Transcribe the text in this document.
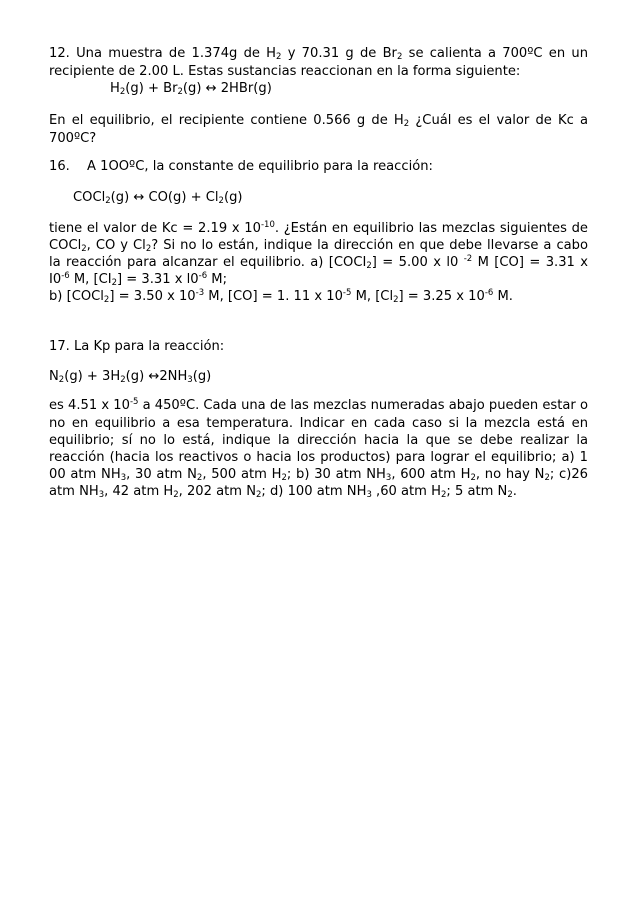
12. Una muestra de 1.374g de $H_2$ y 70.31 g de $Br_2$ se calienta a 700ºC en un
recipiente de 2.00 L. Estas sustancias reaccionan en la forma siguiente:
$H_2(g) + Br_2(g)$ ↔ 2HBr(g)
En el equilibrio, el recipiente contiene 0.566 g de $H_2$ ¿Cuál es el valor de Kc a
700ºC?
16. A 1OOºC, la constante de equilibrio para la reacción:
COCl$_2$(g) ↔ $CO(g) + Cl_2(g)$
tiene el valor de Kc = 2.19 x $10^{-10}$. ¿Están en equilibrio las mezclas siguientes de
COCl$_2$, CO y $Cl_2$? Si no lo están, indique la dirección en que debe llevarse a cabo
la reacción para alcanzar el equilibrio. a) $[COCI_2] = 5.00$ x l0 $^{-2}$ M [CO] = 3.31 x
$I0^{-6}$ M, $[CI_2] = 3.31$ x $l0^{-6}$ M;
b) [COCl$_2$] = 3.50 x $10^{-3}$ M, [CO] = 1. 11 x $10^{-5}$ M, $[Cl_2] = 3.25$ x $10^{-6}$ M.
17. La Kp para la reacción:
$N_2(g) + 3H_2(g)$ $\leftrightarrow 2NH_3(g)$
es 4.51 x $10^{-5}$ a 450ºC. Cada una de las mezclas numeradas abajo pueden estar o
no en equilibrio a esa temperatura. Indicar en cada caso si la mezcla está en
equilibrio; sí no lo está, indique la dirección hacia la que se debe realizar la
reacción (hacia los reactivos o hacia los productos) para lograr el equilibrio; a) 1
00 atm $NH_3$, 30 atm $N_2$, 500 atm $H_2$; b) 30 atm $NH_3$, 600 atm $H_2$, no hay $N_2$; c)26
atm $NH_3$, 42 atm $H_2$, 202 atm $N_2$; d) 100 atm $NH_3$ ,60 atm $H_2$; 5 atm $N_2$.
